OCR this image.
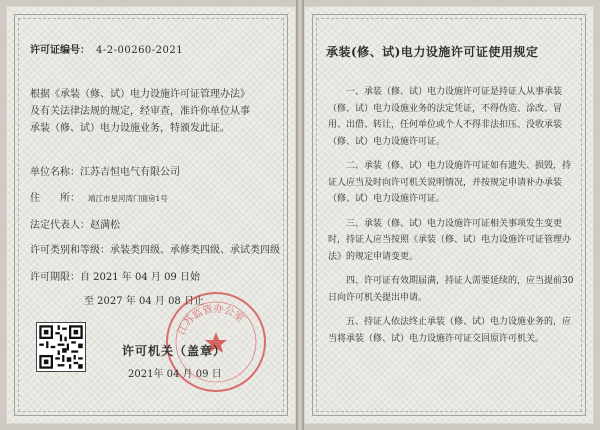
许可证编号： 4-2-00260-2021

根据《承装（修、试）电力设施许可证管理办法》

及有关法律法规的规定，经审查，准许你单位从事

承装（修、试）电力设施业务，特颁发此证。

单位名称：江苏吉恒电气有限公司
住　　所： 靖江市星河湾门面房1号
法定代表人：赵满松
许可类别和等级：承装类四级、承修类四级、承试类四级
许可期限：自 2021 年 04 月 09 日始
至 2027 年 04 月 08 日止
江苏监管办公室
许可机关（盖章）
2021年 04 月 09 日
承装(修、试)电力设施许可证使用规定

一、承装（修、试）电力设施许可证是持证人从事承装（修、试）电力设施业务的法定凭证，不得伪造、涂改、冒用、出借、转让，任何单位或个人不得非法扣压、没收承装（修、试）电力设施许可证。

二、承装（修、试）电力设施许可证如有遗失、损毁，持证人应当及时向许可机关说明情况，并按规定申请补办承装（修、试）电力设施许可证。

三、承装（修、试）电力设施许可证相关事项发生变更时，持证人应当按照《承装（修、试）电力设施许可证管理办法》的规定申请变更。

四、许可证有效期届满，持证人需要延续的，应当提前30日向许可机关提出申请。

五、持证人依法终止承装（修、试）电力设施业务的，应当将承装（修、试）电力设施许可证交回原许可机关。
